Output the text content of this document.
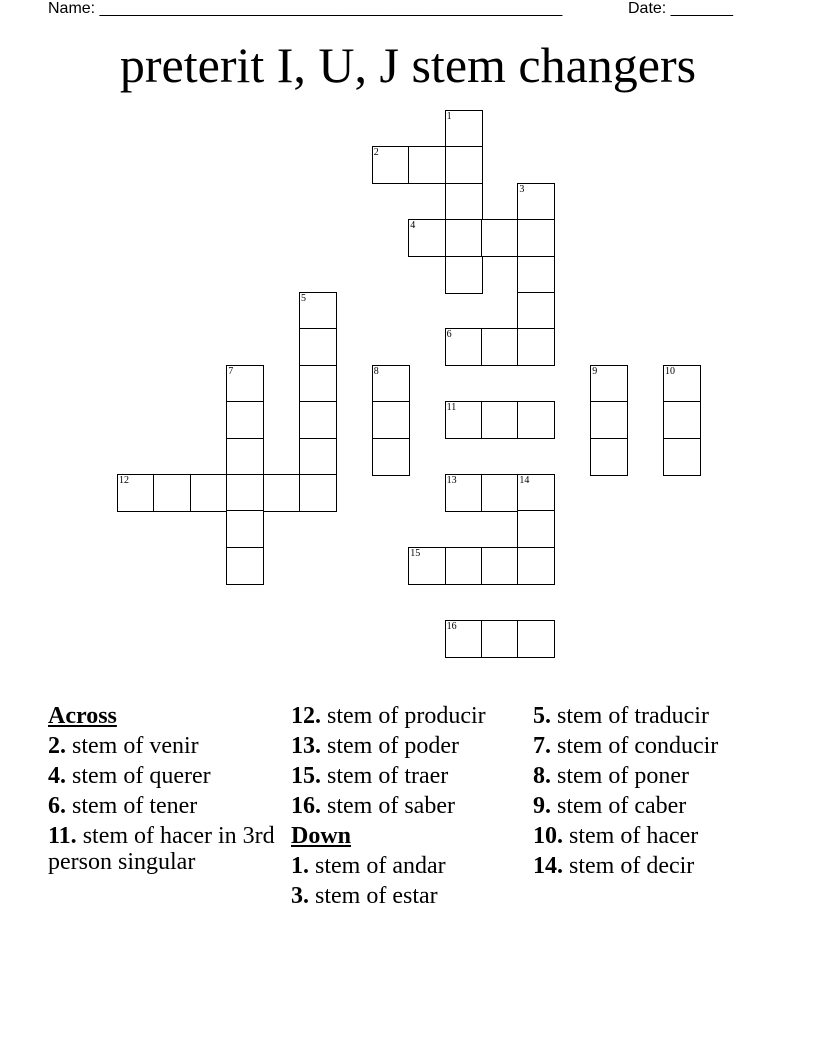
Name: ____________________________________________________	Date: _______
preterit I, U, J stem changers
1
2
3
4
5
6
7	8	9	10
11
12	13	14
15
16
Across
2. stem of venir
4. stem of querer
6. stem of tener
11. stem of hacer in 3rd person singular
12. stem of producir
13. stem of poder
15. stem of traer
16. stem of saber
Down
1. stem of andar
3. stem of estar
5. stem of traducir
7. stem of conducir
8. stem of poner
9. stem of caber
10. stem of hacer
14. stem of decir
